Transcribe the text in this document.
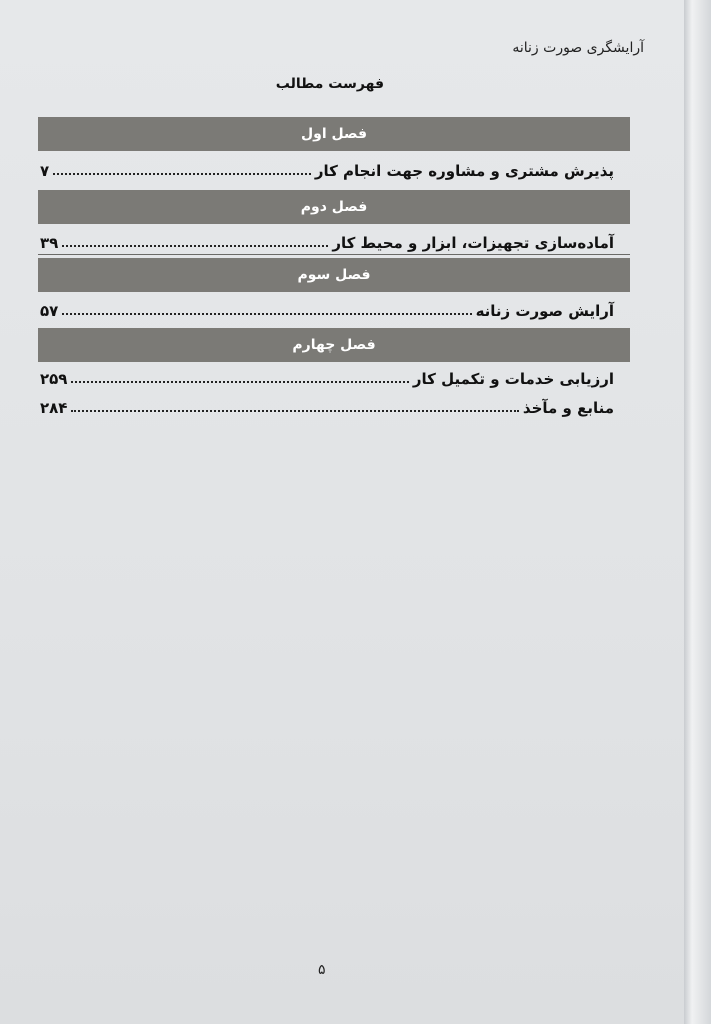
آرایشگری صورت زنانه
فهرست مطالب
فصل اول
پذیرش مشتری و مشاوره جهت انجام کار
۷
فصل دوم
آماده‌سازی تجهیزات، ابزار و محیط کار
۳۹
فصل سوم
آرایش صورت زنانه
۵۷
فصل چهارم
ارزیابی خدمات و تکمیل کار
۲۵۹
منابع و مآخذ
۲۸۴
۵
